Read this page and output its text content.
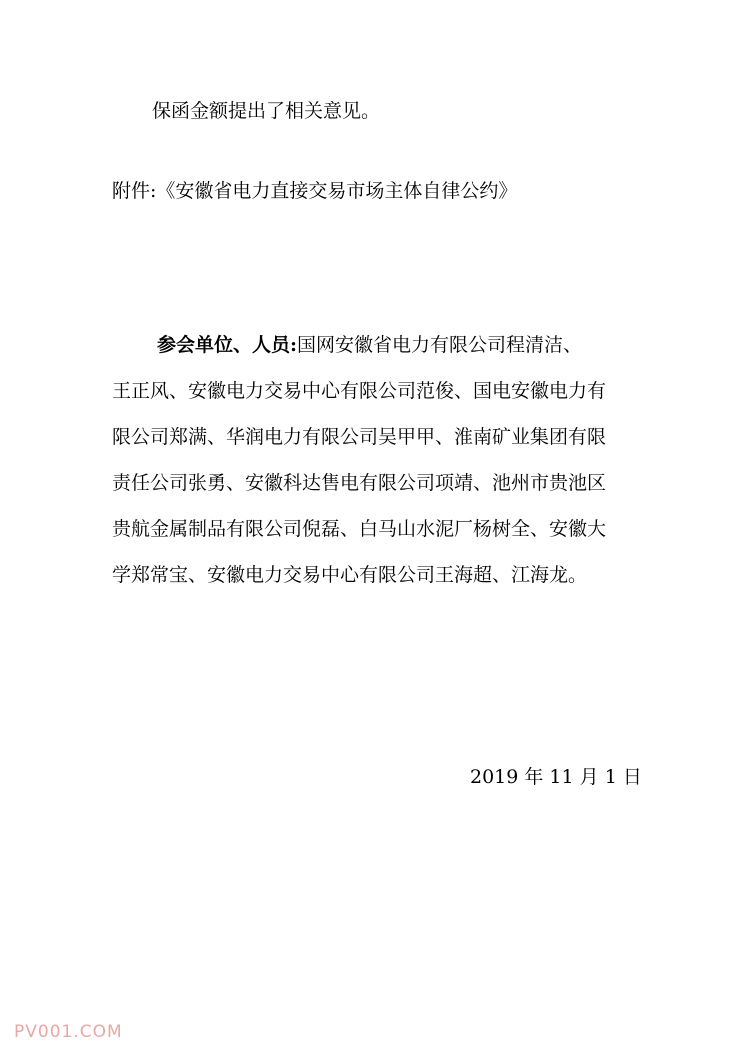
保函金额提出了相关意见。
附件:《安徽省电力直接交易市场主体自律公约》
参会单位、人员:国网安徽省电力有限公司程清洁、
王正风、安徽电力交易中心有限公司范俊、国电安徽电力有
限公司郑满、华润电力有限公司吴甲甲、淮南矿业集团有限
责任公司张勇、安徽科达售电有限公司项靖、池州市贵池区
贵航金属制品有限公司倪磊、白马山水泥厂杨树全、安徽大
学郑常宝、安徽电力交易中心有限公司王海超、江海龙。
2019 年 11 月 1 日
PV001.COM
